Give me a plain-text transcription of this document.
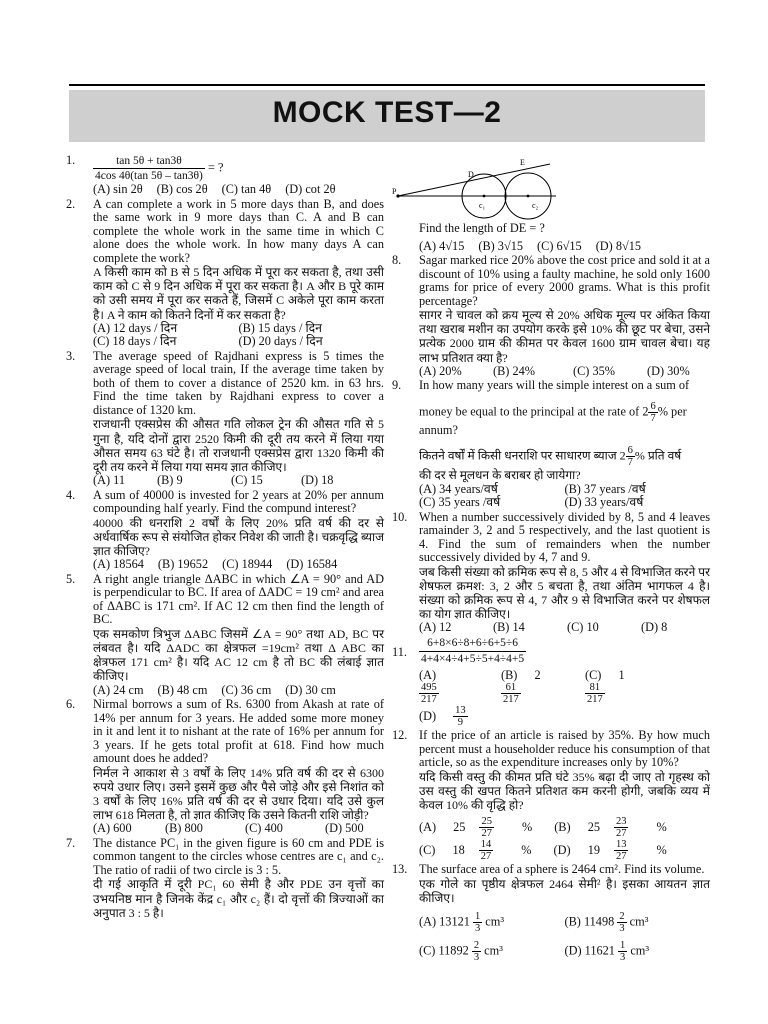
MOCK TEST—2
1.	$\frac{\tan 5\theta + \tan 3\theta}{4\cos 4\theta(\tan 5\theta - \tan 3\theta)}$ = ?

(A) sin 2θ (B) cos 2θ (C) tan 4θ (D) cot 2θ
2.	A can complete a work in 5 more days than B, and does the same work in 9 more days than C. A and B can complete the whole work in the same time in which C alone does the whole work. In how many days A can complete the work?

A किसी काम को B से 5 दिन अधिक में पूरा कर सकता है, तथा उसी काम को C से 9 दिन अधिक में पूरा कर सकता है। A और B पूरे काम को उसी समय में पूरा कर सकते हैं, जिसमें C अकेले पूरा काम करता है। A ने काम को कितने दिनों में कर सकता है?

(A) 12 days / दिन	(B) 15 days / दिन
(C) 18 days / दिन	(D) 20 days / दिन
3.	The average speed of Rajdhani express is 5 times the average speed of local train, If the average time taken by both of them to cover a distance of 2520 km. in 63 hrs. Find the time taken by Rajdhani express to cover a distance of 1320 km.

राजधानी एक्सप्रेस की औसत गति लोकल ट्रेन की औसत गति से 5 गुना है, यदि दोनों द्वारा 2520 किमी की दूरी तय करने में लिया गया औसत समय 63 घंटे है। तो राजधानी एक्सप्रेस द्वारा 1320 किमी की दूरी तय करने में लिया गया समय ज्ञात कीजिए।

(A) 11	(B) 9	(C) 15	(D) 18
4.	A sum of 40000 is invested for 2 years at 20% per annum compounding half yearly. Find the compund interest?

40000 की धनराशि 2 वर्षों के लिए 20% प्रति वर्ष की दर से अर्धवार्षिक रूप से संयोजित होकर निवेश की जाती है। चक्रवृद्धि ब्याज ज्ञात कीजिए?

(A) 18564 (B) 19652 (C) 18944 (D) 16584
5.	A right angle triangle ΔABC in which ∠A = 90° and AD is perpendicular to BC. If area of ΔADC = 19 cm² and area of ΔABC is 171 cm². If AC 12 cm then find the length of BC.

एक समकोण त्रिभुज ΔABC जिसमें ∠A = 90° तथा AD, BC पर लंबवत है। यदि ΔADC का क्षेत्रफल =19cm² तथा Δ ABC का क्षेत्रफल 171 cm² है। यदि AC 12 cm है तो BC की लंबाई ज्ञात कीजिए।

(A) 24 cm (B) 48 cm (C) 36 cm (D) 30 cm
6.	Nirmal borrows a sum of Rs. 6300 from Akash at rate of 14% per annum for 3 years. He added some more money in it and lent it to nishant at the rate of 16% per annum for 3 years. If he gets total profit at 618. Find how much amount does he added?

निर्मल ने आकाश से 3 वर्षों के लिए 14% प्रति वर्ष की दर से 6300 रुपये उधार लिए। उसने इसमें कुछ और पैसे जोड़े और इसे निशांत को 3 वर्षों के लिए 16% प्रति वर्ष की दर से उधार दिया। यदि उसे कुल लाभ 618 मिलता है, तो ज्ञात कीजिए कि उसने कितनी राशि जोड़ी?

(A) 600	(B) 800	(C) 400	(D) 500
7.	The distance PC₁ in the given figure is 60 cm and PDE is common tangent to the circles whose centres are c₁ and c₂. The ratio of radii of two circle is 3 : 5.

दी गई आकृति में दूरी PC₁ 60 सेमी है और PDE उन वृत्तों का उभयनिष्ठ मान है जिनके केंद्र c₁ और c₂ हैं। दो वृत्तों की त्रिज्याओं का अनुपात 3 : 5 है।

P
D
E
c₁	c₂

Find the length of DE = ?

(A) 4√15 (B) 3√15 (C) 6√15 (D) 8√15
8.	Sagar marked rice 20% above the cost price and sold it at a discount of 10% using a faulty machine, he sold only 1600 grams for price of every 2000 grams. What is this profit percentage?

सागर ने चावल को क्रय मूल्य से 20% अधिक मूल्य पर अंकित किया तथा खराब मशीन का उपयोग करके इसे 10% की छूट पर बेचा, उसने प्रत्येक 2000 ग्राम की कीमत पर केवल 1600 ग्राम चावल बेचा। यह लाभ प्रतिशत क्या है?

(A) 20%	(B) 24%	(C) 35%	(D) 30%
9.	In how many years will the simple interest on a sum of

money be equal to the principal at the rate of $2 \frac{6}{7}$ % per

annum?

कितने वर्षों में किसी धनराशि पर साधारण ब्याज $2 \frac{6}{7}$ % प्रति वर्ष

की दर से मूलधन के बराबर हो जायेगा?

(A) 34 years/वर्ष	(B) 37 years /वर्ष
(C) 35 years /वर्ष	(D) 33 years/वर्ष
10. When a number successively divided by 8, 5 and 4 leaves ramainder 3, 2 and 5 respectively, and the last quotient is 4. Find the sum of remainders when the number successively divided by 4, 7 and 9.

जब किसी संख्या को क्रमिक रूप से 8, 5 और 4 से विभाजित करने पर शेषफल क्रमश: 3, 2 और 5 बचता है, तथा अंतिम भागफल 4 है। संख्या को क्रमिक रूप से 4, 7 और 9 से विभाजित करने पर शेषफल का योग ज्ञात कीजिए।

(A) 12	(B) 14	(C) 10	(D) 8
11.	$\frac{6+8\times 6\div 8+6\div 6+5\div 6}{4+4\times 4\div 4+5\div 5+4\div 4+5}$

(A)
$\frac{495}{217}$
(B) 2
$\frac{61}{217}$
(C) 1
$\frac{81}{217}$
$(D) \frac{13}{9}$
12. If the price of an article is raised by 35%. By how much percent must a householder reduce his consumption of that article, so as the expenditure increases only by 10%?

यदि किसी वस्तु की कीमत प्रति घंटे 35% बढ़ा दी जाए तो गृहस्थ को उस वस्तु की खपत कितने प्रतिशत कम करनी होगी, जबकि व्यय में केवल 10% की वृद्धि हो?

(A) $25 \frac{25}{27}$ %	(B) $25 \frac{23}{27}$ %
(C) $18 \frac{14}{27}$ %	(D) $19 \frac{13}{27}$ %
13. The surface area of a sphere is 2464 cm². Find its volume.

एक गोले का पृष्ठीय क्षेत्रफल 2464 सेमी² है। इसका आयतन ज्ञात कीजिए।

(A) $13121 \frac{1}{3} cm^3$	(B) $11498 \frac{2}{3} cm^3$
(C) $11892 \frac{2}{3} cm^3$	(D) $11621 \frac{1}{3} cm^3$
